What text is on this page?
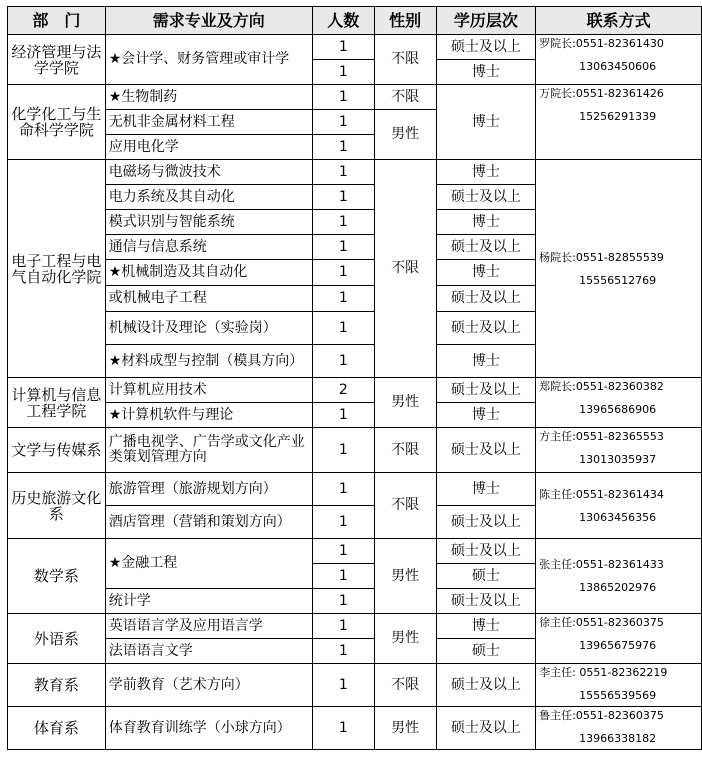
部　门	需求专业及方向	人数	性别	学历层次	联系方式
经济管理与法学学院	★会计学、财务管理或审计学	1	不限	硕士及以上	罗院长:0551-82361430
13063450606

		1		博士	
化学化工与生命科学学院	★生物制药	1	不限	博士	万院长:0551-82361426
15256291339

	无机非金属材料工程	1	男性		
	应用电化学	1			
电子工程与电气自动化学院	电磁场与微波技术	1	不限	博士	杨院长:0551-82855539
15556512769

	电力系统及其自动化	1		硕士及以上	
	模式识别与智能系统	1		博士	
	通信与信息系统	1		硕士及以上	
	★机械制造及其自动化	1		博士	
	或机械电子工程	1		硕士及以上	
	机械设计及理论（实验岗）	1		硕士及以上	
	★材料成型与控制（模具方向）	1		博士	
计算机与信息工程学院	计算机应用技术	2	男性	硕士及以上	郑院长:0551-82360382
13965686906

	★计算机软件与理论	1		博士	
文学与传媒系	广播电视学、广告学或文化产业类策划管理方向	1	不限	硕士及以上	方主任:0551-82365553
13013035937

历史旅游文化系	旅游管理（旅游规划方向）	1	不限	博士	陈主任:0551-82361434
13063456356

	酒店管理（营销和策划方向）	1		硕士及以上	
数学系	★金融工程	1	男性	硕士及以上	张主任:0551-82361433
13865202976

		1		硕士	
	统计学	1		硕士及以上	
外语系	英语语言学及应用语言学	1	男性	博士	徐主任:0551-82360375
13965675976

	法语语言文学	1		硕士	
教育系	学前教育（艺术方向）	1	不限	硕士及以上	李主任: 0551-82362219
15556539569

体育系	体育教育训练学（小球方向）	1	男性	硕士及以上	鲁主任:0551-82360375
13966338182
